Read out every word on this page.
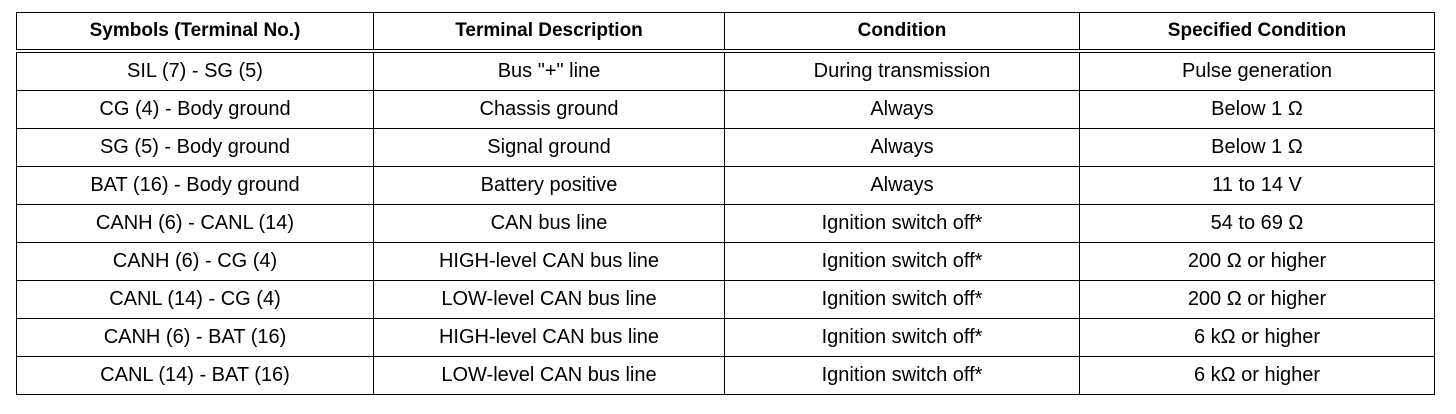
Symbols (Terminal No.)	Terminal Description	Condition	Specified Condition
SIL (7) - SG (5)	Bus "+" line	During transmission	Pulse generation
CG (4) - Body ground	Chassis ground	Always	Below 1 Ω
SG (5) - Body ground	Signal ground	Always	Below 1 Ω
BAT (16) - Body ground	Battery positive	Always	11 to 14 V
CANH (6) - CANL (14)	CAN bus line	Ignition switch off*	54 to 69 Ω
CANH (6) - CG (4)	HIGH-level CAN bus line	Ignition switch off*	200 Ω or higher
CANL (14) - CG (4)	LOW-level CAN bus line	Ignition switch off*	200 Ω or higher
CANH (6) - BAT (16)	HIGH-level CAN bus line	Ignition switch off*	6 kΩ or higher
CANL (14) - BAT (16)	LOW-level CAN bus line	Ignition switch off*	6 kΩ or higher
